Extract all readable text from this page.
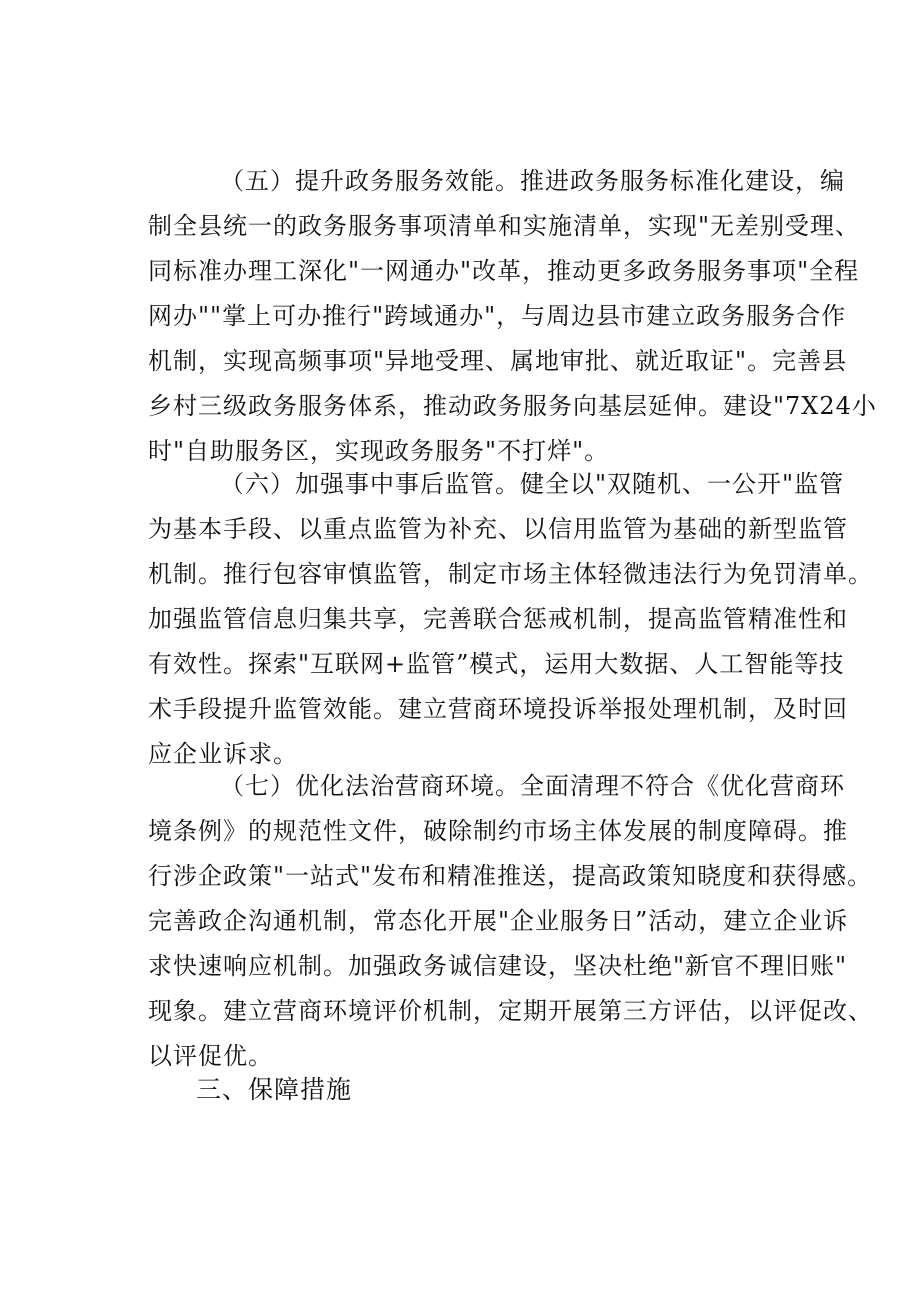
（五）提升政务服务效能。推进政务服务标准化建设，编
制全县统一的政务服务事项清单和实施清单，实现"无差别受理、
同标准办理工深化"一网通办"改革，推动更多政务服务事项"全程
网办""掌上可办推行"跨域通办"，与周边县市建立政务服务合作
机制，实现高频事项"异地受理、属地审批、就近取证"。完善县
乡村三级政务服务体系，推动政务服务向基层延伸。建设"7X24小
时"自助服务区，实现政务服务"不打烊"。
（六）加强事中事后监管。健全以"双随机、一公开"监管
为基本手段、以重点监管为补充、以信用监管为基础的新型监管
机制。推行包容审慎监管，制定市场主体轻微违法行为免罚清单。
加强监管信息归集共享，完善联合惩戒机制，提高监管精准性和
有效性。探索"互联网+监管”模式，运用大数据、人工智能等技
术手段提升监管效能。建立营商环境投诉举报处理机制，及时回
应企业诉求。
（七）优化法治营商环境。全面清理不符合《优化营商环
境条例》的规范性文件，破除制约市场主体发展的制度障碍。推
行涉企政策"一站式"发布和精准推送，提高政策知晓度和获得感。
完善政企沟通机制，常态化开展"企业服务日”活动，建立企业诉
求快速响应机制。加强政务诚信建设，坚决杜绝"新官不理旧账"
现象。建立营商环境评价机制，定期开展第三方评估，以评促改、
以评促优。
三、保障措施
